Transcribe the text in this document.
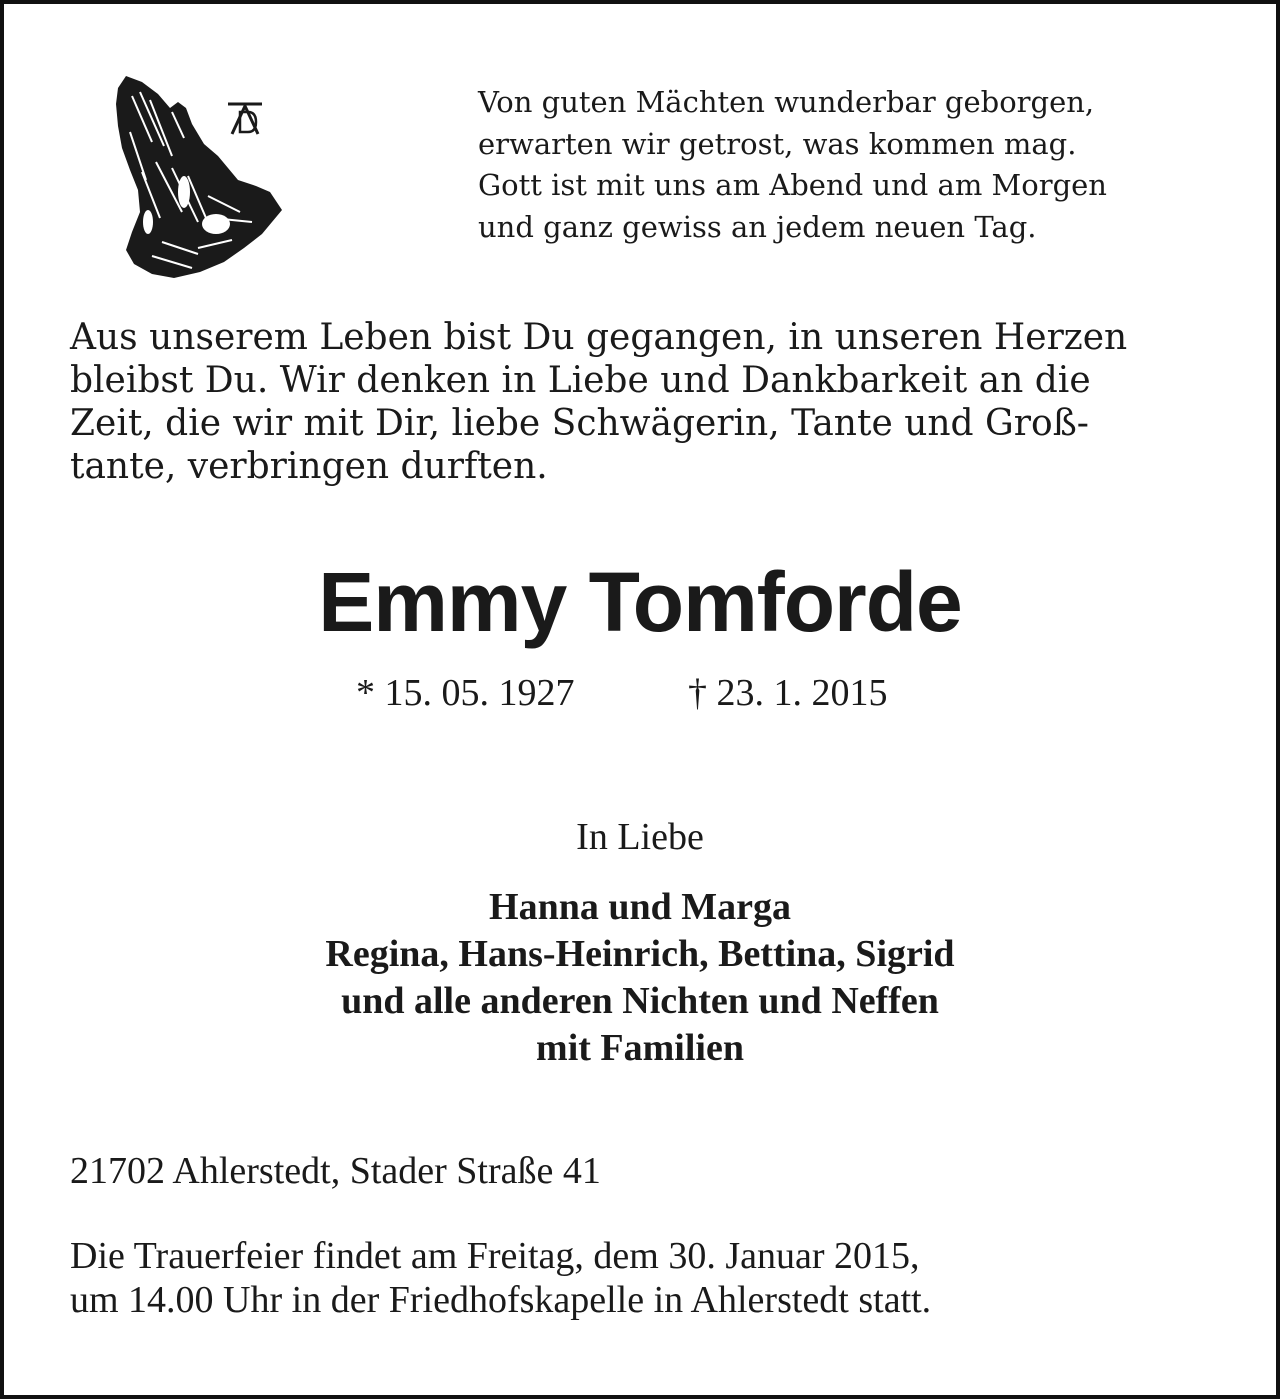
Von guten Mächten wunderbar geborgen,
erwarten wir getrost, was kommen mag.
Gott ist mit uns am Abend und am Morgen
und ganz gewiss an jedem neuen Tag.
Aus unserem Leben bist Du gegangen, in unseren Herzen
bleibst Du. Wir denken in Liebe und Dankbarkeit an die
Zeit, die wir mit Dir, liebe Schwägerin, Tante und Groß-
tante, verbringen durften.
Emmy Tomforde
* 15. 05. 1927	† 23. 1. 2015
In Liebe
Hanna und Marga
Regina, Hans-Heinrich, Bettina, Sigrid
und alle anderen Nichten und Neffen
mit Familien
21702 Ahlerstedt, Stader Straße 41
Die Trauerfeier findet am Freitag, dem 30. Januar 2015,
um 14.00 Uhr in der Friedhofskapelle in Ahlerstedt statt.
